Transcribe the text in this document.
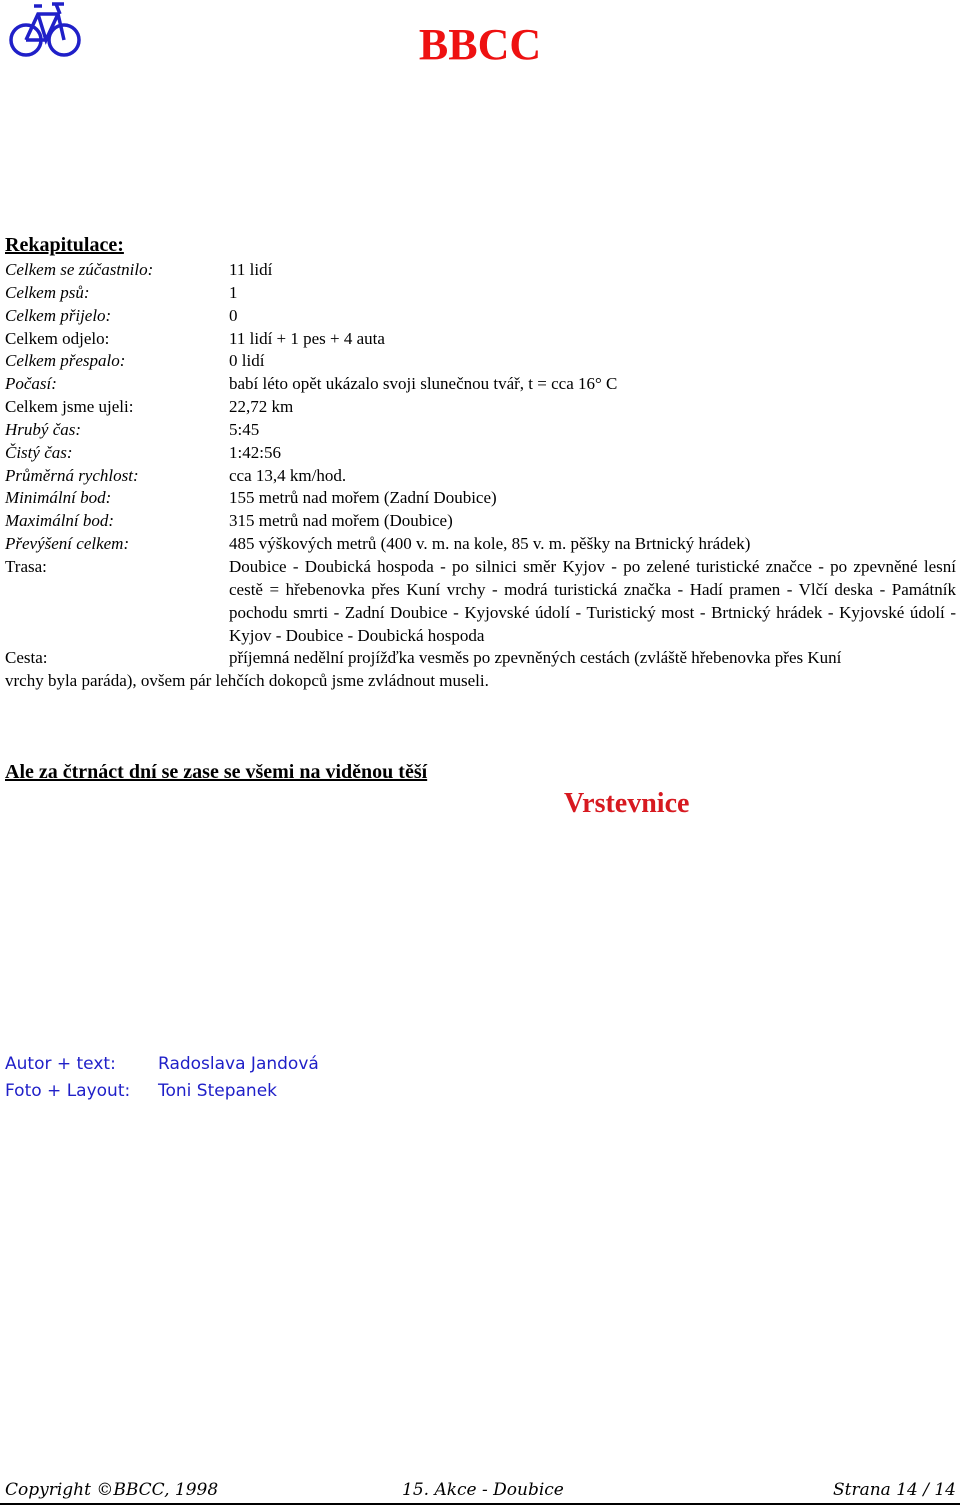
BBCC
Rekapitulace:
Celkem se zúčastnilo:	11 lidí
Celkem psů:	1
Celkem přijelo:	0
Celkem odjelo:	11 lidí + 1 pes + 4 auta
Celkem přespalo:	0 lidí
Počasí:	babí léto opět ukázalo svoji slunečnou tvář, t = cca 16° C
Celkem jsme ujeli:	22,72 km
Hrubý čas:	5:45
Čistý čas:	1:42:56
Průměrná rychlost:	cca 13,4 km/hod.
Minimální bod:	155 metrů nad mořem (Zadní Doubice)
Maximální bod:	315 metrů nad mořem (Doubice)
Převýšení celkem:	485 výškových metrů (400 v. m. na kole, 85 v. m. pěšky na Brtnický hrádek)
Trasa:	Doubice - Doubická hospoda - po silnici směr Kyjov - po zelené turistické značce - po zpevněné lesní cestě = hřebenovka přes Kuní vrchy - modrá turistická značka - Hadí pramen - Vlčí deska - Památník pochodu smrti - Zadní Doubice - Kyjovské údolí - Turistický most - Brtnický hrádek - Kyjovské údolí - Kyjov - Doubice - Doubická hospoda
Cesta:	příjemná nedělní projížďka vesměs po zpevněných cestách (zvláště hřebenovka přes Kuní
vrchy byla paráda), ovšem pár lehčích dokopců jsme zvládnout museli.
Ale za čtrnáct dní se zase se všemi na viděnou těší
Vrstevnice
Autor + text: Radoslava Jandová
Foto + Layout: Toni Stepanek
Copyright ©BBCC, 1998	15. Akce - Doubice	Strana 14 / 14
